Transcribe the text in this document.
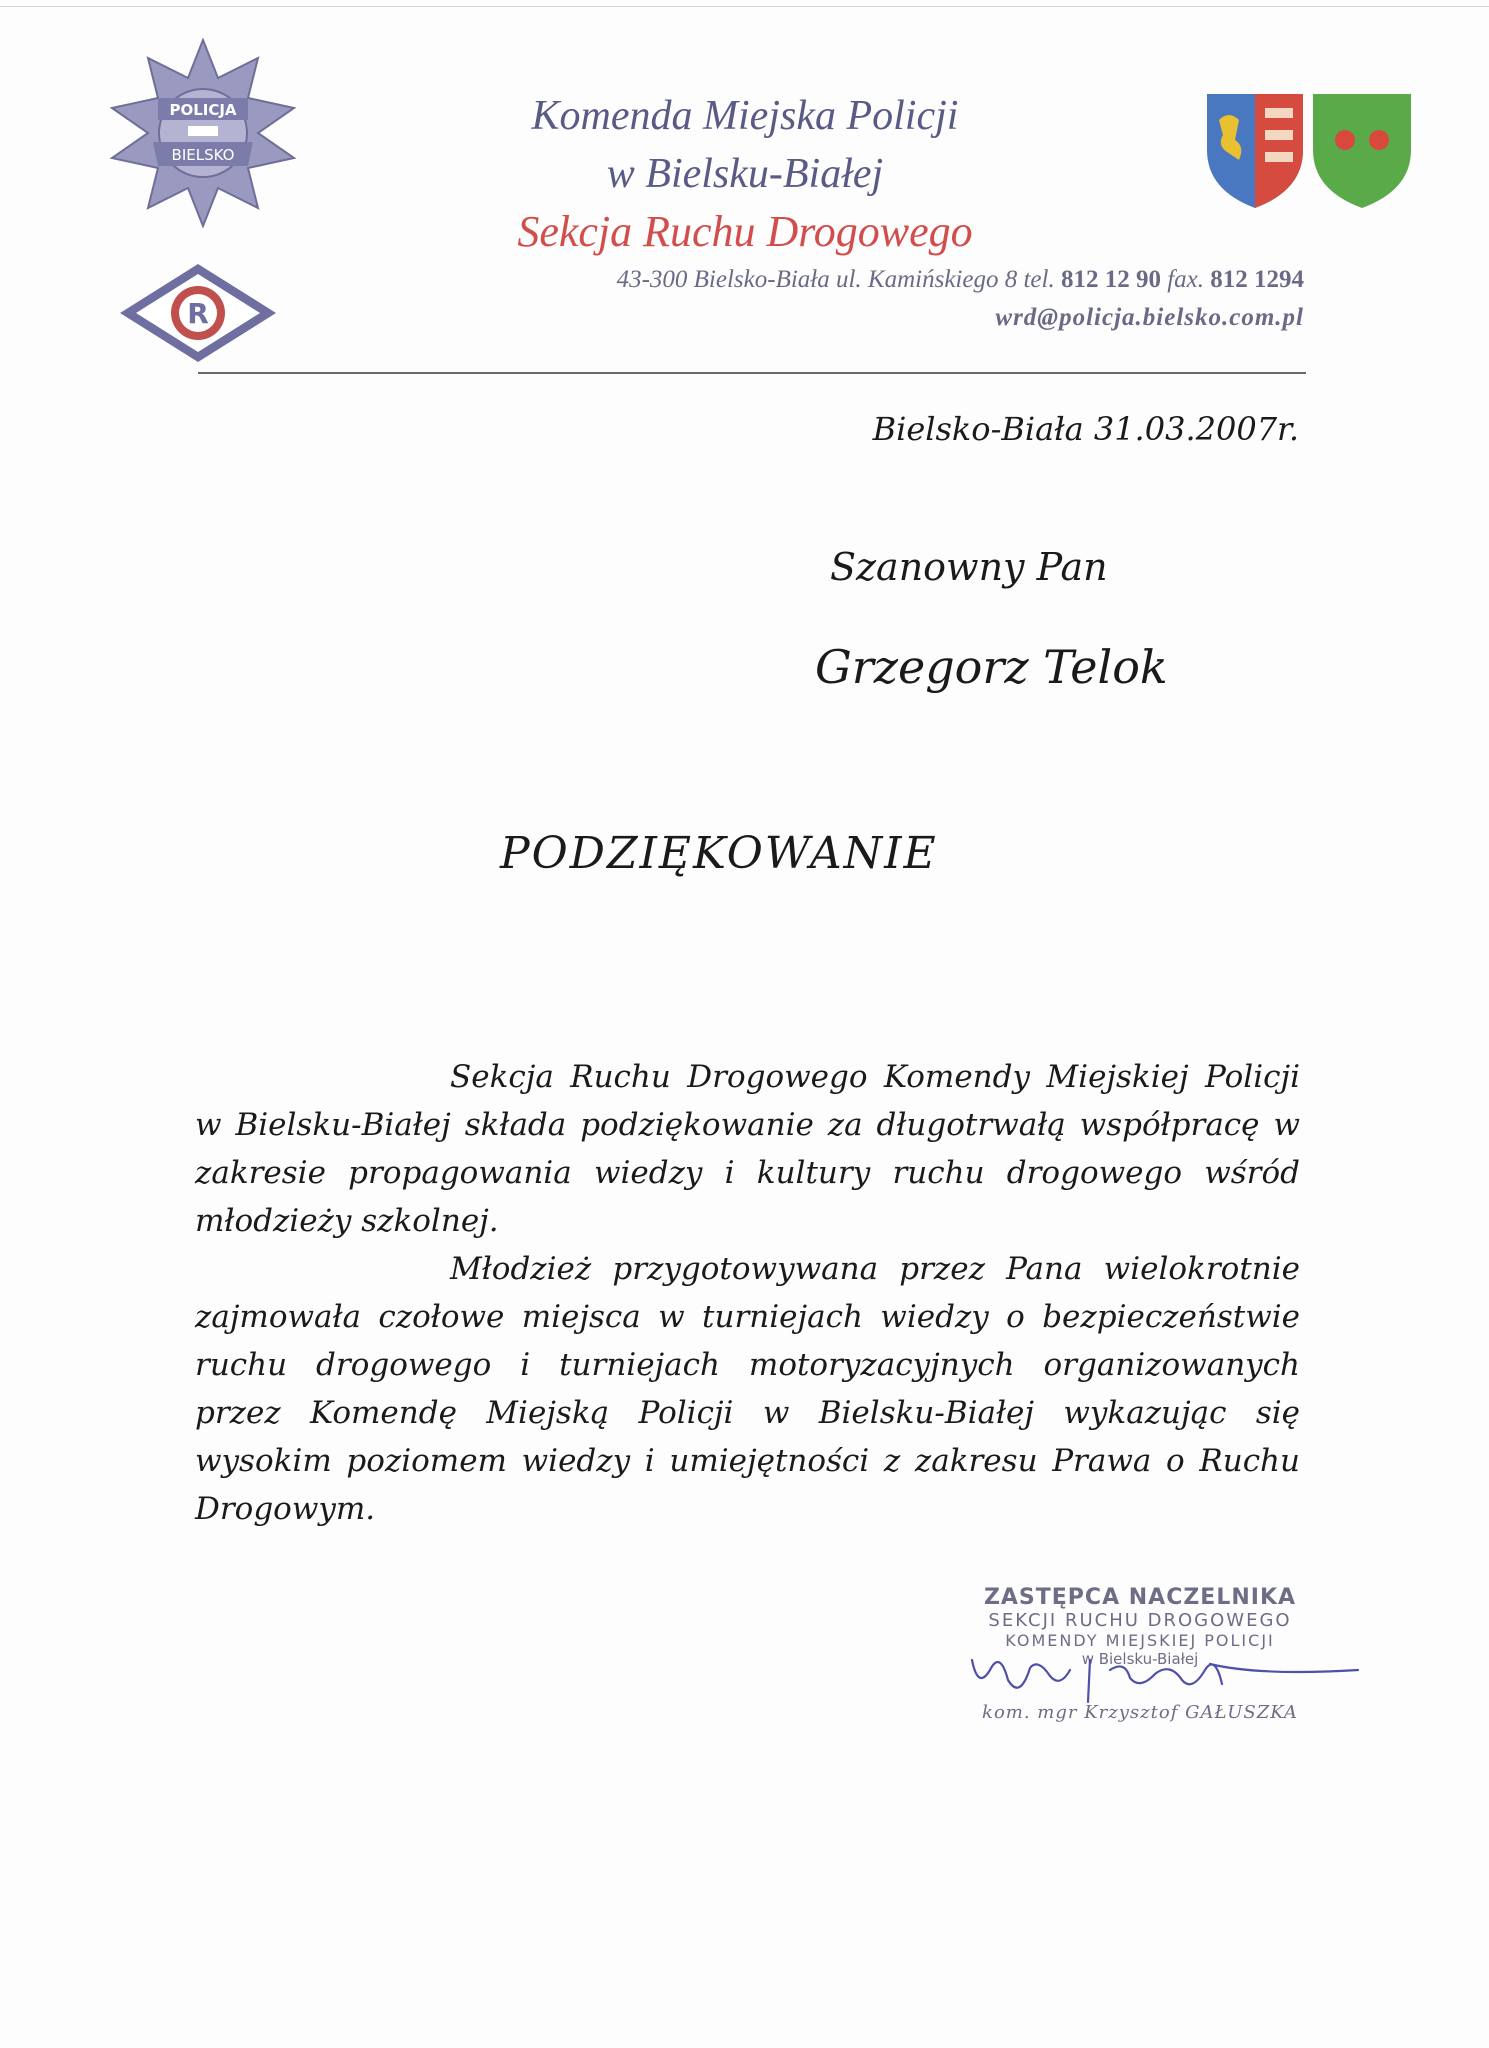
POLICJA
BIELSKO
R
Komenda Miejska Policji
w Bielsku-Białej
Sekcja Ruchu Drogowego
43-300 Bielsko-Biała ul. Kamińskiego 8 tel. 812 12 90 fax. 812 1294
wrd@policja.bielsko.com.pl
Bielsko-Biała 31.03.2007r.
Szanowny Pan
Grzegorz Telok
PODZIĘKOWANIE

Sekcja Ruchu Drogowego Komendy Miejskiej Policji w Bielsku-Białej składa podziękowanie za długotrwałą współpracę w zakresie propagowania wiedzy i kultury ruchu drogowego wśród młodzieży szkolnej.

Młodzież przygotowywana przez Pana wielokrotnie zajmowała czołowe miejsca w turniejach wiedzy o bezpieczeństwie ruchu drogowego i turniejach motoryzacyjnych organizowanych przez Komendę Miejską Policji w Bielsku-Białej wykazując się wysokim poziomem wiedzy i umiejętności z zakresu Prawa o Ruchu Drogowym.

ZASTĘPCA NACZELNIKA
SEKCJI RUCHU DROGOWEGO
KOMENDY MIEJSKIEJ POLICJI
w Bielsku-Białej
kom. mgr Krzysztof GAŁUSZKA
